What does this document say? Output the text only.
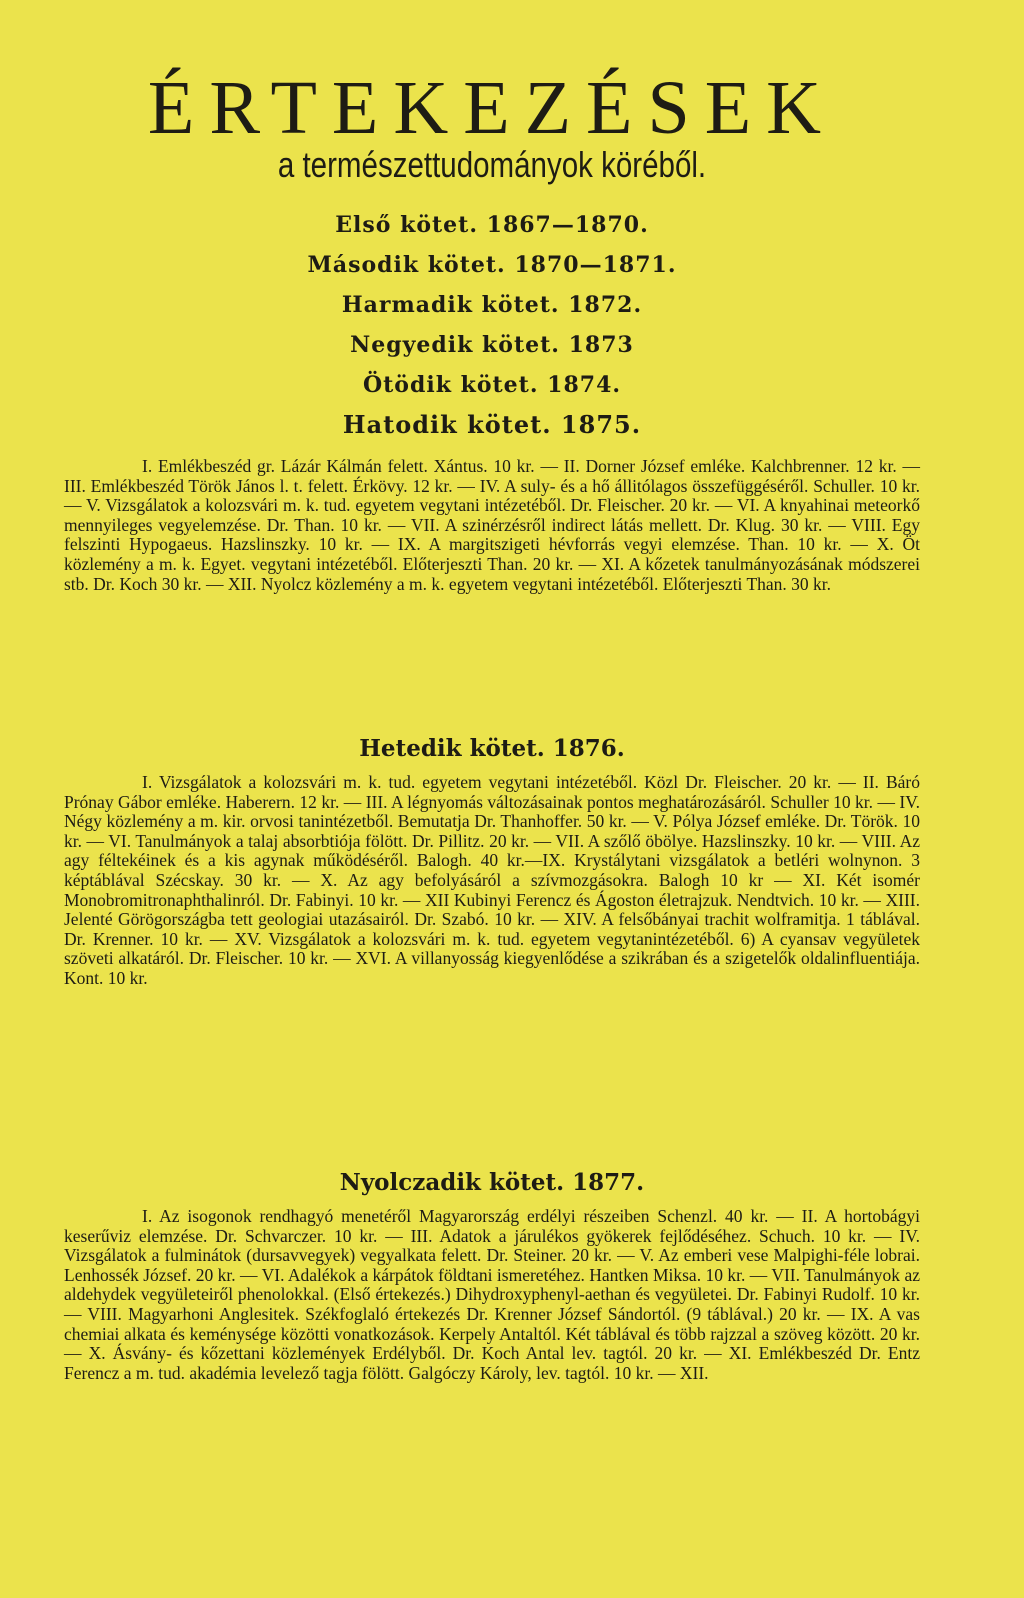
ÉRTEKEZÉSEK
a természettudományok köréből.
Első kötet. 1867—1870.
Második kötet. 1870—1871.
Harmadik kötet. 1872.
Negyedik kötet. 1873
Ötödik kötet. 1874.
Hatodik kötet. 1875.

I. Emlékbeszéd gr. Lázár Kálmán felett. Xántus. 10 kr. — II. Dorner József emléke. Kalchbrenner. 12 kr. — III. Emlékbeszéd Török János l. t. felett. Érkövy. 12 kr. — IV. A suly- és a hő állitólagos összefüggéséről. Schuller. 10 kr. — V. Vizsgálatok a kolozsvári m. k. tud. egyetem vegytani intézetéből. Dr. Fleischer. 20 kr. — VI. A knyahinai meteorkő mennyileges vegyelemzése. Dr. Than. 10 kr. — VII. A szinérzésről indirect látás mellett. Dr. Klug. 30 kr. — VIII. Egy felszinti Hypogaeus. Hazslinszky. 10 kr. — IX. A margitszigeti hévforrás vegyi elemzése. Than. 10 kr. — X. Öt közlemény a m. k. Egyet. vegytani intézetéből. Előterjeszti Than. 20 kr. — XI. A kőzetek tanulmányozásának módszerei stb. Dr. Koch 30 kr. — XII. Nyolcz közlemény a m. k. egyetem vegytani intézetéből. Előterjeszti Than. 30 kr.

Hetedik kötet. 1876.

I. Vizsgálatok a kolozsvári m. k. tud. egyetem vegytani intézetéből. Közl Dr. Fleischer. 20 kr. — II. Báró Prónay Gábor emléke. Haberern. 12 kr. — III. A légnyomás változásainak pontos meghatározásáról. Schuller 10 kr. — IV. Négy közlemény a m. kir. orvosi tanintézetből. Bemutatja Dr. Thanhoffer. 50 kr. — V. Pólya József emléke. Dr. Török. 10 kr. — VI. Tanulmányok a talaj absorbtiója fölött. Dr. Pillitz. 20 kr. — VII. A szőlő öbölye. Hazslinszky. 10 kr. — VIII. Az agy féltekéinek és a kis agynak működéséről. Balogh. 40 kr.—IX. Krystálytani vizsgálatok a betléri wolnynon. 3 képtáblával Szécskay. 30 kr. — X. Az agy befolyásáról a szívmozgásokra. Balogh 10 kr — XI. Két isomér Monobromitronaphthalinról. Dr. Fabinyi. 10 kr. — XII Kubinyi Ferencz és Ágoston életrajzuk. Nendtvich. 10 kr. — XIII. Jelenté Görögországba tett geologiai utazásairól. Dr. Szabó. 10 kr. — XIV. A felsőbányai trachit wolframitja. 1 táblával. Dr. Krenner. 10 kr. — XV. Vizsgálatok a kolozsvári m. k. tud. egyetem vegytanintézetéből. 6) A cyansav vegyületek szöveti alkatáról. Dr. Fleischer. 10 kr. — XVI. A villanyosság kiegyenlődése a szikrában és a szigetelők oldalinfluentiája. Kont. 10 kr.

Nyolczadik kötet. 1877.

I. Az isogonok rendhagyó menetéről Magyarország erdélyi részeiben Schenzl. 40 kr. — II. A hortobágyi keserűviz elemzése. Dr. Schvarczer. 10 kr. — III. Adatok a járulékos gyökerek fejlődéséhez. Schuch. 10 kr. — IV. Vizsgálatok a fulminátok (dursavvegyek) vegyalkata felett. Dr. Steiner. 20 kr. — V. Az emberi vese Malpighi-féle lobrai. Lenhossék József. 20 kr. — VI. Adalékok a kárpátok földtani ismeretéhez. Hantken Miksa. 10 kr. — VII. Tanulmányok az aldehydek vegyületeiről phenolokkal. (Első értekezés.) Dihydroxyphenyl-aethan és vegyületei. Dr. Fabinyi Rudolf. 10 kr. — VIII. Magyarhoni Anglesitek. Székfoglaló értekezés Dr. Krenner József Sándortól. (9 táblával.) 20 kr. — IX. A vas chemiai alkata és keménysége közötti vonatkozások. Kerpely Antaltól. Két táblával és több rajzzal a szöveg között. 20 kr. — X. Ásvány- és kőzettani közlemények Erdélyből. Dr. Koch Antal lev. tagtól. 20 kr. — XI. Emlékbeszéd Dr. Entz Ferencz a m. tud. akadémia levelező tagja fölött. Galgóczy Károly, lev. tagtól. 10 kr. — XII.
